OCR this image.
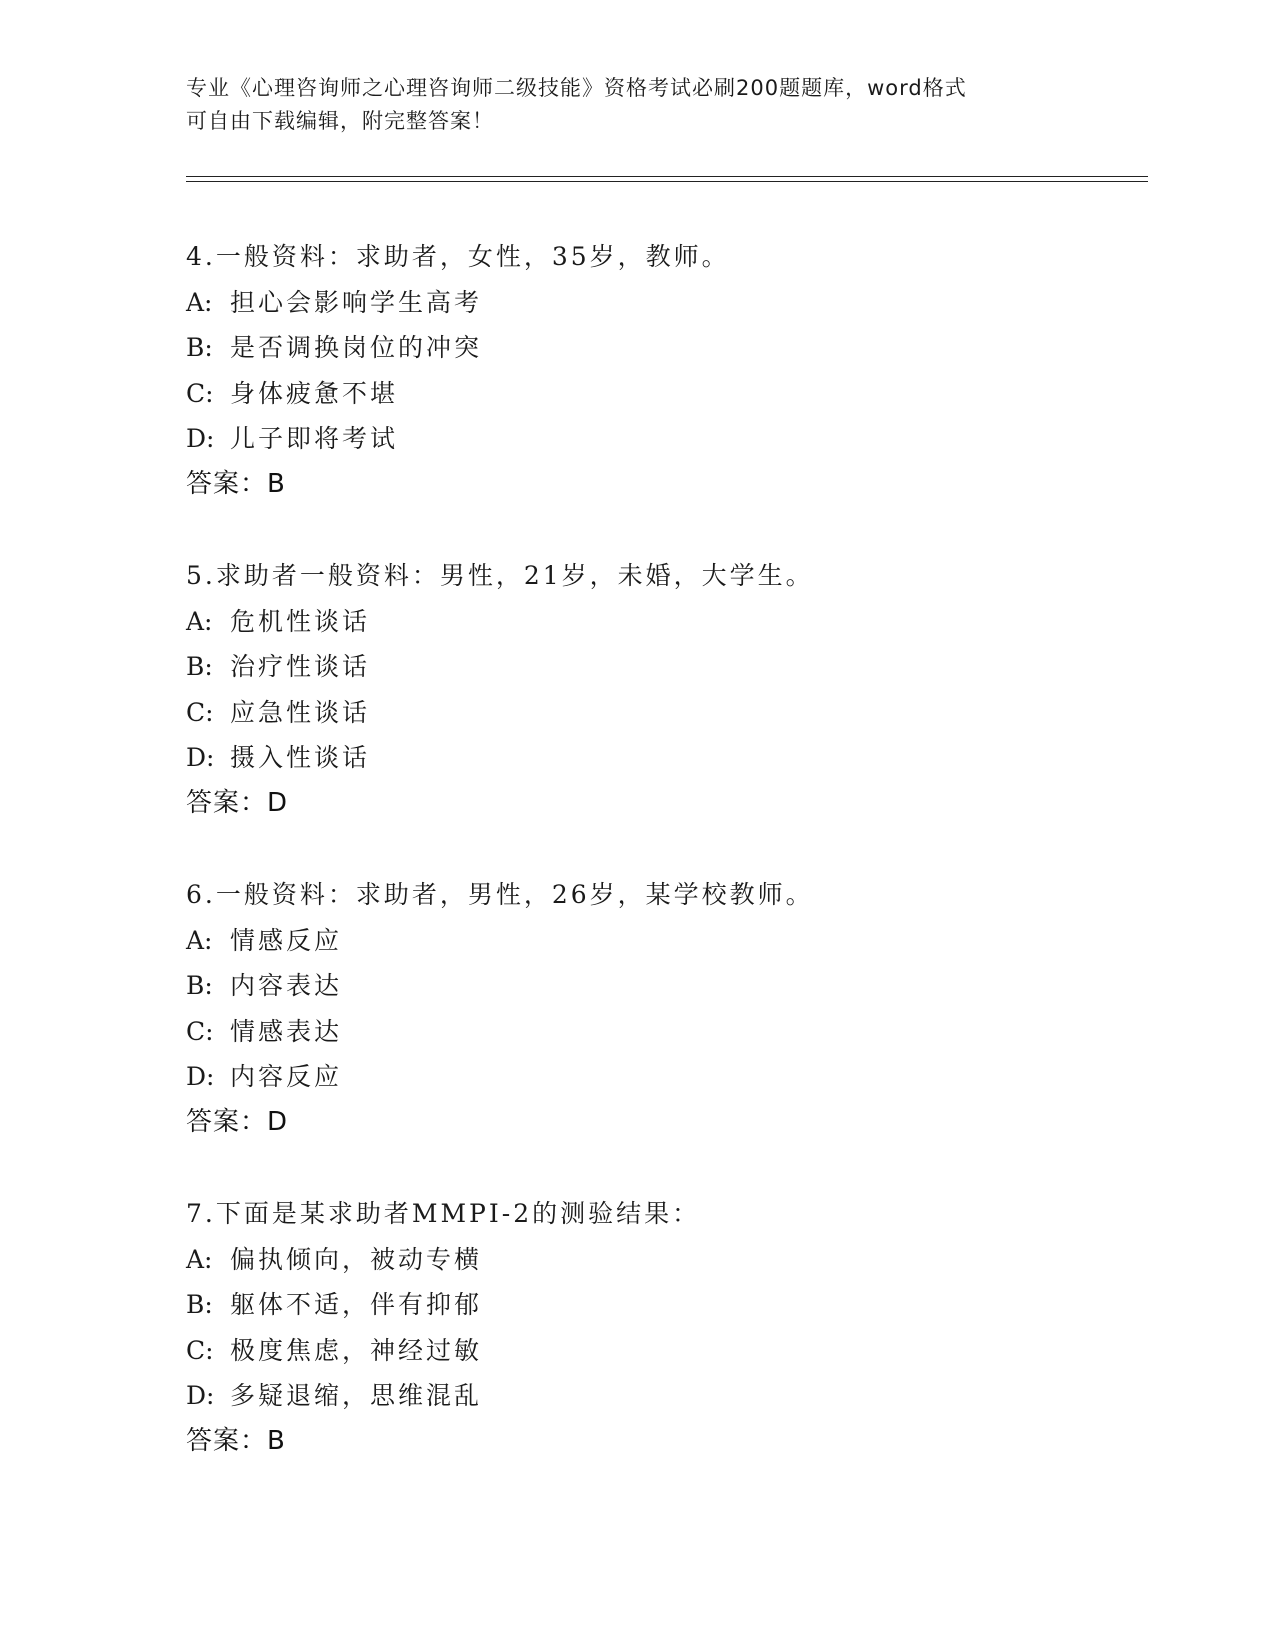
专业《心理咨询师之心理咨询师二级技能》资格考试必刷200题题库，word格式
可自由下载编辑，附完整答案！
4.一般资料：求助者，女性，35岁，教师。
A: 担心会影响学生高考
B: 是否调换岗位的冲突
C: 身体疲惫不堪
D: 儿子即将考试
答案：B
5.求助者一般资料：男性，21岁，未婚，大学生。
A: 危机性谈话
B: 治疗性谈话
C: 应急性谈话
D: 摄入性谈话
答案：D
6.一般资料：求助者，男性，26岁，某学校教师。
A: 情感反应
B: 内容表达
C: 情感表达
D: 内容反应
答案：D
7.下面是某求助者MMPI-2的测验结果：
A: 偏执倾向，被动专横
B: 躯体不适，伴有抑郁
C: 极度焦虑，神经过敏
D: 多疑退缩，思维混乱
答案：B
